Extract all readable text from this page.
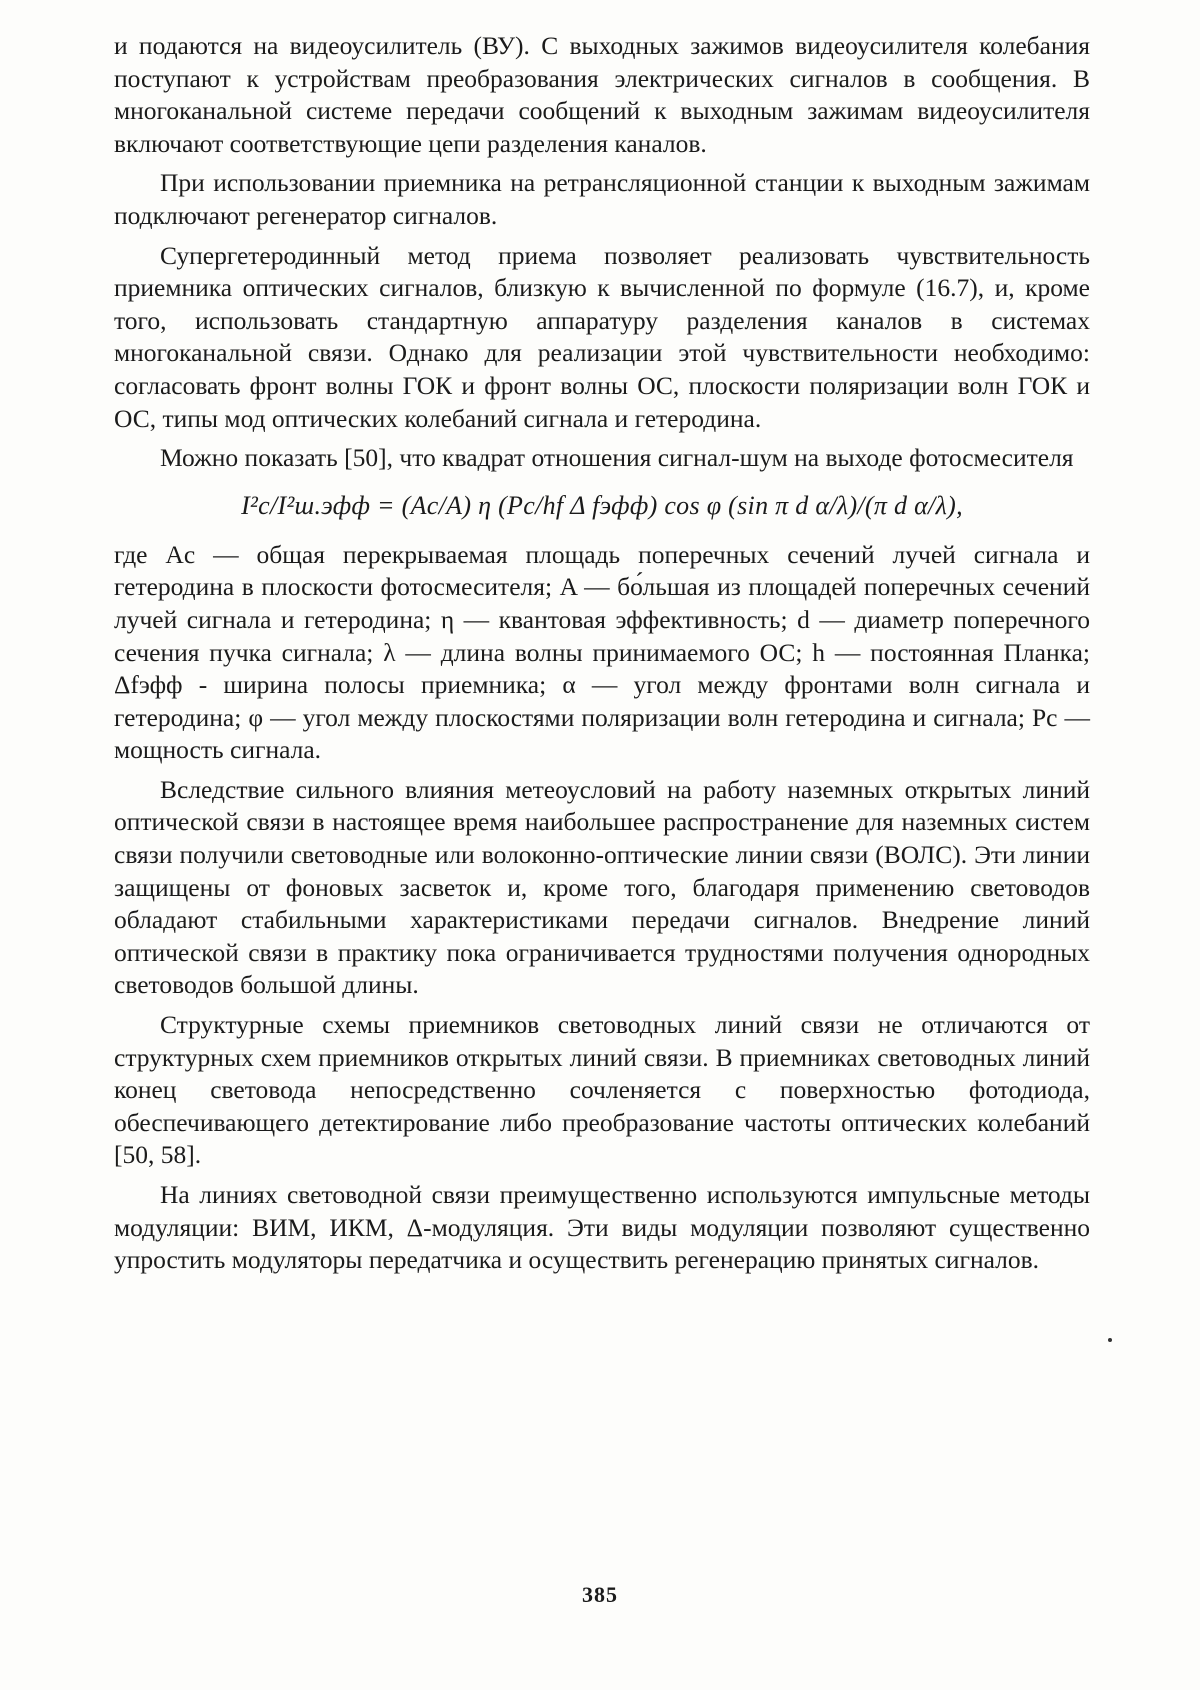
и подаются на видеоусилитель (ВУ). С выходных зажимов видеоусилителя колебания поступают к устройствам преобразования электрических сигналов в сообщения. В многоканальной системе передачи сообщений к выходным зажимам видеоусилителя включают соответствующие цепи разделения каналов.

При использовании приемника на ретрансляционной станции к выходным зажимам подключают регенератор сигналов.

Супергетеродинный метод приема позволяет реализовать чувствительность приемника оптических сигналов, близкую к вычисленной по формуле (16.7), и, кроме того, использовать стандартную аппаратуру разделения каналов в системах многоканальной связи. Однако для реализации этой чувствительности необходимо: согласовать фронт волны ГОК и фронт волны ОС, плоскости поляризации волн ГОК и ОС, типы мод оптических колебаний сигнала и гетеродина.

Можно показать [50], что квадрат отношения сигнал-шум на выходе фотосмесителя

I²с/I²ш.эфф = (Aс/A) η (Pс/hf Δ fэфф) cos φ (sin π d α/λ)/(π d α/λ),

где Aс — общая перекрываемая площадь поперечных сечений лучей сигнала и гетеродина в плоскости фотосмесителя; A — бо́льшая из площадей поперечных сечений лучей сигнала и гетеродина; η — квантовая эффективность; d — диаметр поперечного сечения пучка сигнала; λ — длина волны принимаемого ОС; h — постоянная Планка; Δfэфф - ширина полосы приемника; α — угол между фронтами волн сигнала и гетеродина; φ — угол между плоскостями поляризации волн гетеродина и сигнала; Pс — мощность сигнала.

Вследствие сильного влияния метеоусловий на работу наземных открытых линий оптической связи в настоящее время наибольшее распространение для наземных систем связи получили световодные или волоконно-оптические линии связи (ВОЛС). Эти линии защищены от фоновых засветок и, кроме того, благодаря применению световодов обладают стабильными характеристиками передачи сигналов. Внедрение линий оптической связи в практику пока ограничивается трудностями получения однородных световодов большой длины.

Структурные схемы приемников световодных линий связи не отличаются от структурных схем приемников открытых линий связи. В приемниках световодных линий конец световода непосредственно сочленяется с поверхностью фотодиода, обеспечивающего детектирование либо преобразование частоты оптических колебаний [50, 58].

На линиях световодной связи преимущественно используются импульсные методы модуляции: ВИМ, ИКМ, Δ-модуляция. Эти виды модуляции позволяют существенно упростить модуляторы передатчика и осуществить регенерацию принятых сигналов.

385
